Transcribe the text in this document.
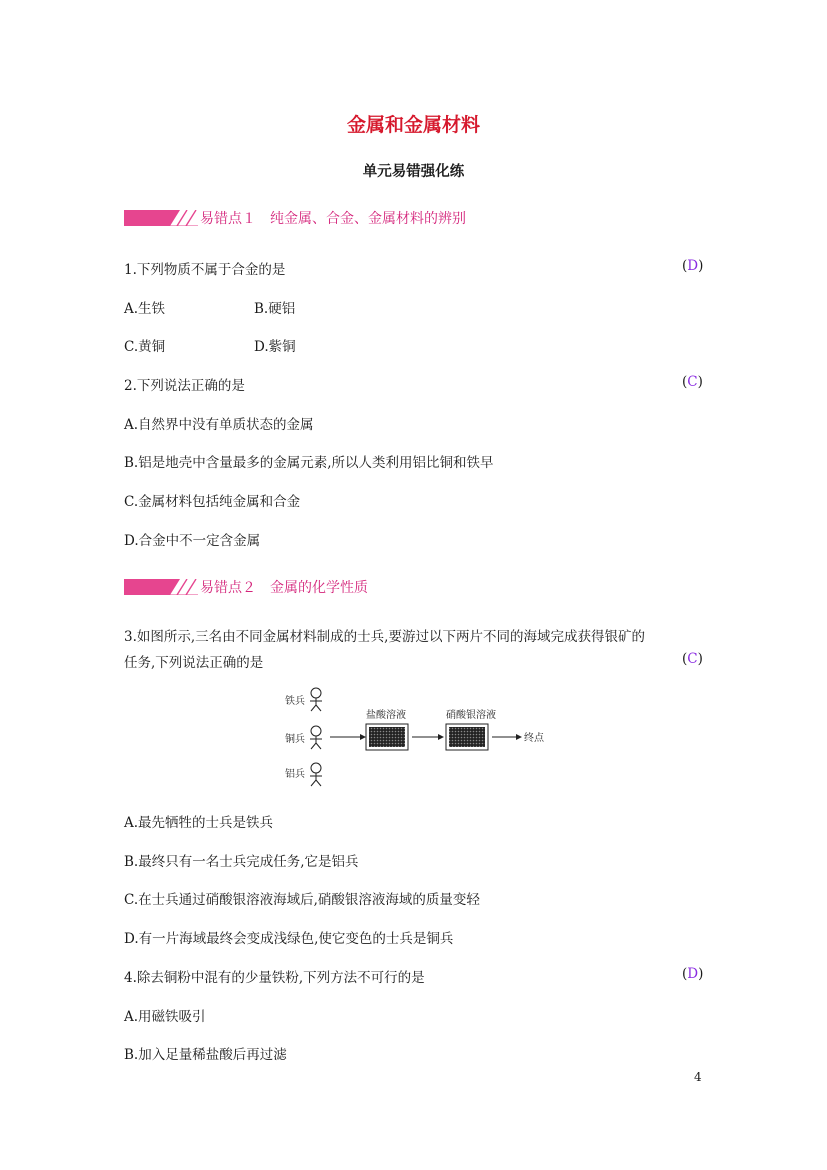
金属和金属材料
单元易错强化练
易错点１　纯金属、合金、金属材料的辨别
1.下列物质不属于合金的是	(D)
A.生铁	B.硬铝
C.黄铜	D.紫铜
2.下列说法正确的是	(C)
A.自然界中没有单质状态的金属
B.铝是地壳中含量最多的金属元素,所以人类利用铝比铜和铁早
C.金属材料包括纯金属和合金
D.合金中不一定含金属
易错点２　金属的化学性质
3.如图所示,三名由不同金属材料制成的士兵,要游过以下两片不同的海域完成获得银矿的
任务,下列说法正确的是	(C)
铁兵
铜兵
铝兵
盐酸溶液	硝酸银溶液
终点
A.最先牺牲的士兵是铁兵
B.最终只有一名士兵完成任务,它是铝兵
C.在士兵通过硝酸银溶液海域后,硝酸银溶液海域的质量变轻
D.有一片海域最终会变成浅绿色,使它变色的士兵是铜兵
4.除去铜粉中混有的少量铁粉,下列方法不可行的是	(D)
A.用磁铁吸引
B.加入足量稀盐酸后再过滤
4
